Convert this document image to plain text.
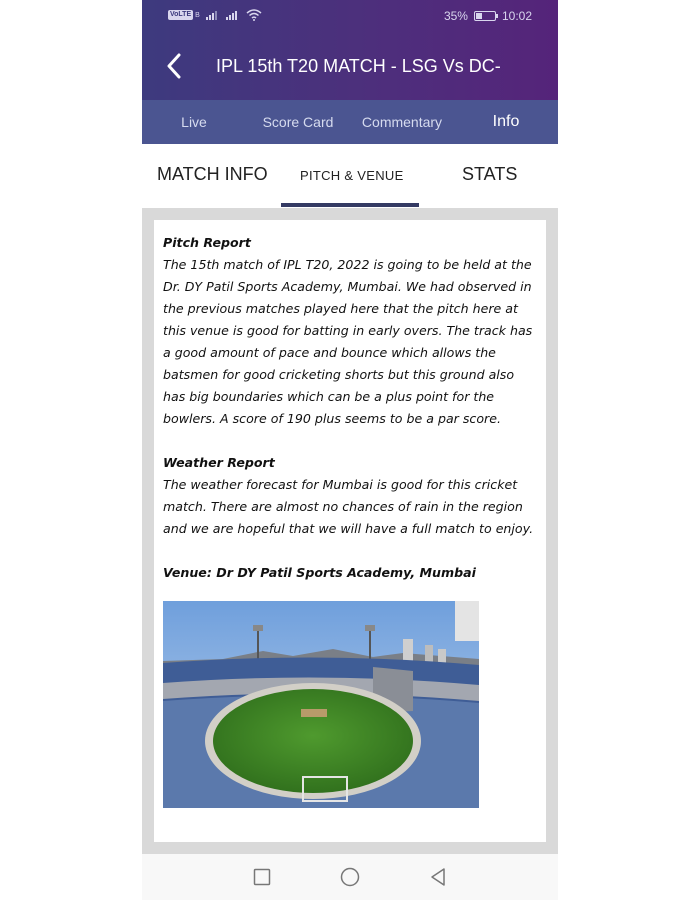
VoLTE B	35%	10:02
IPL 15th T20 MATCH - LSG Vs DC-
Live	Score Card	Commentary	Info
MATCH INFO PITCH & VENUE	STATS
Pitch Report

The 15th match of IPL T20, 2022 is going to be held at the Dr. DY Patil Sports Academy, Mumbai. We had observed in the previous matches played here that the pitch here at this venue is good for batting in early overs. The track has a good amount of pace and bounce which allows the batsmen for good cricketing shorts but this ground also has big boundaries which can be a plus point for the bowlers. A score of 190 plus seems to be a par score.

Weather Report

The weather forecast for Mumbai is good for this cricket match. There are almost no chances of rain in the region and we are hopeful that we will have a full match to enjoy.

Venue: Dr DY Patil Sports Academy, Mumbai
